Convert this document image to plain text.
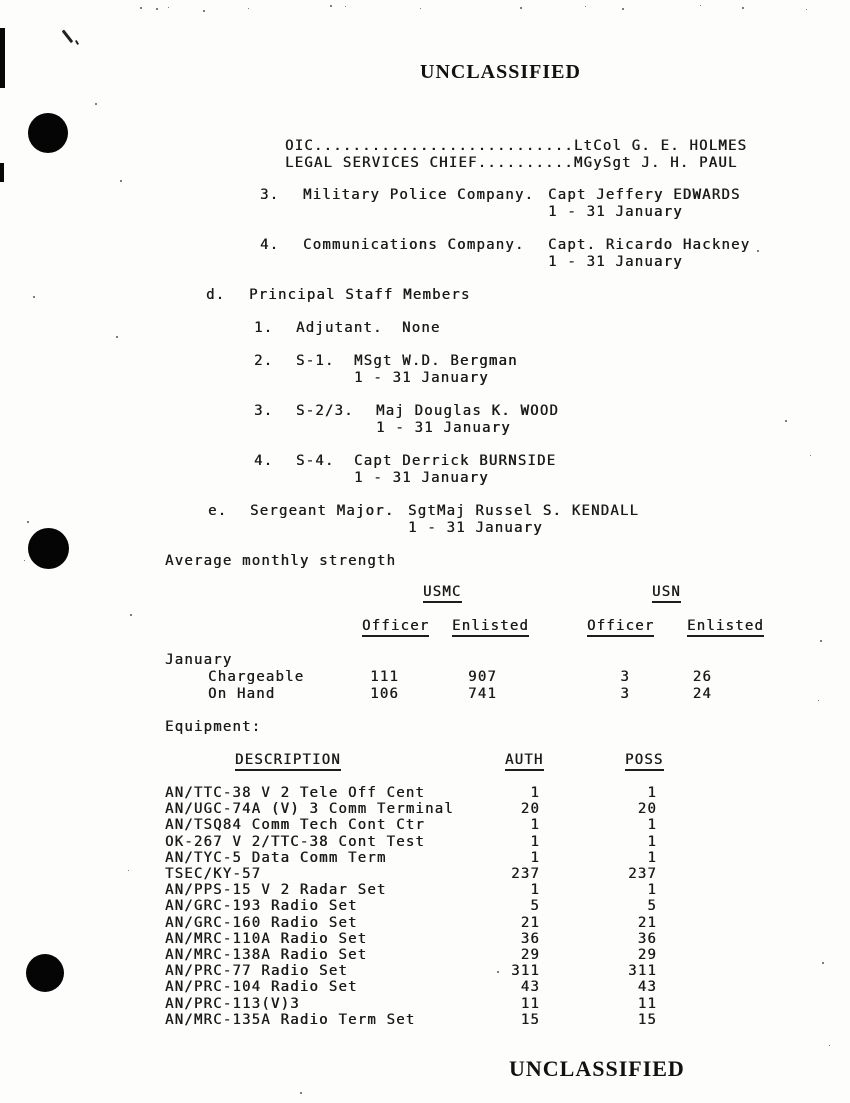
UNCLASSIFIED
UNCLASSIFIED
OIC...........................LtCol G. E. HOLMES
LEGAL SERVICES CHIEF..........MGySgt J. H. PAUL
3. Military Police Company. Capt Jeffery EDWARDS
1 - 31 January
4. Communications Company. Capt. Ricardo Hackney
1 - 31 January
d. Principal Staff Members
1. Adjutant. None
2. S-1. MSgt W.D. Bergman
1 - 31 January
3. S-2/3. Maj Douglas K. WOOD
1 - 31 January
4. S-4. Capt Derrick BURNSIDE
1 - 31 January
e. Sergeant Major. SgtMaj Russel S. KENDALL
1 - 31 January
Average monthly strength
USMC	USN
Officer Enlisted	Officer Enlisted
January
Chargeable	111	907	3	26
On Hand	106	741	3	24
Equipment:
DESCRIPTION	AUTH	POSS
AN/TTC-38 V 2 Tele Off Cent	1	1
AN/UGC-74A (V) 3 Comm Terminal	20	20
AN/TSQ84 Comm Tech Cont Ctr	1	1
OK-267 V 2/TTC-38 Cont Test	1	1
AN/TYC-5 Data Comm Term	1	1
TSEC/KY-57	237	237
AN/PPS-15 V 2 Radar Set	1	1
AN/GRC-193 Radio Set	5	5
AN/GRC-160 Radio Set	21	21
AN/MRC-110A Radio Set	36	36
AN/MRC-138A Radio Set	29	29
AN/PRC-77 Radio Set	311	311
AN/PRC-104 Radio Set	43	43
AN/PRC-113(V)3	11	11
AN/MRC-135A Radio Term Set	15	15
